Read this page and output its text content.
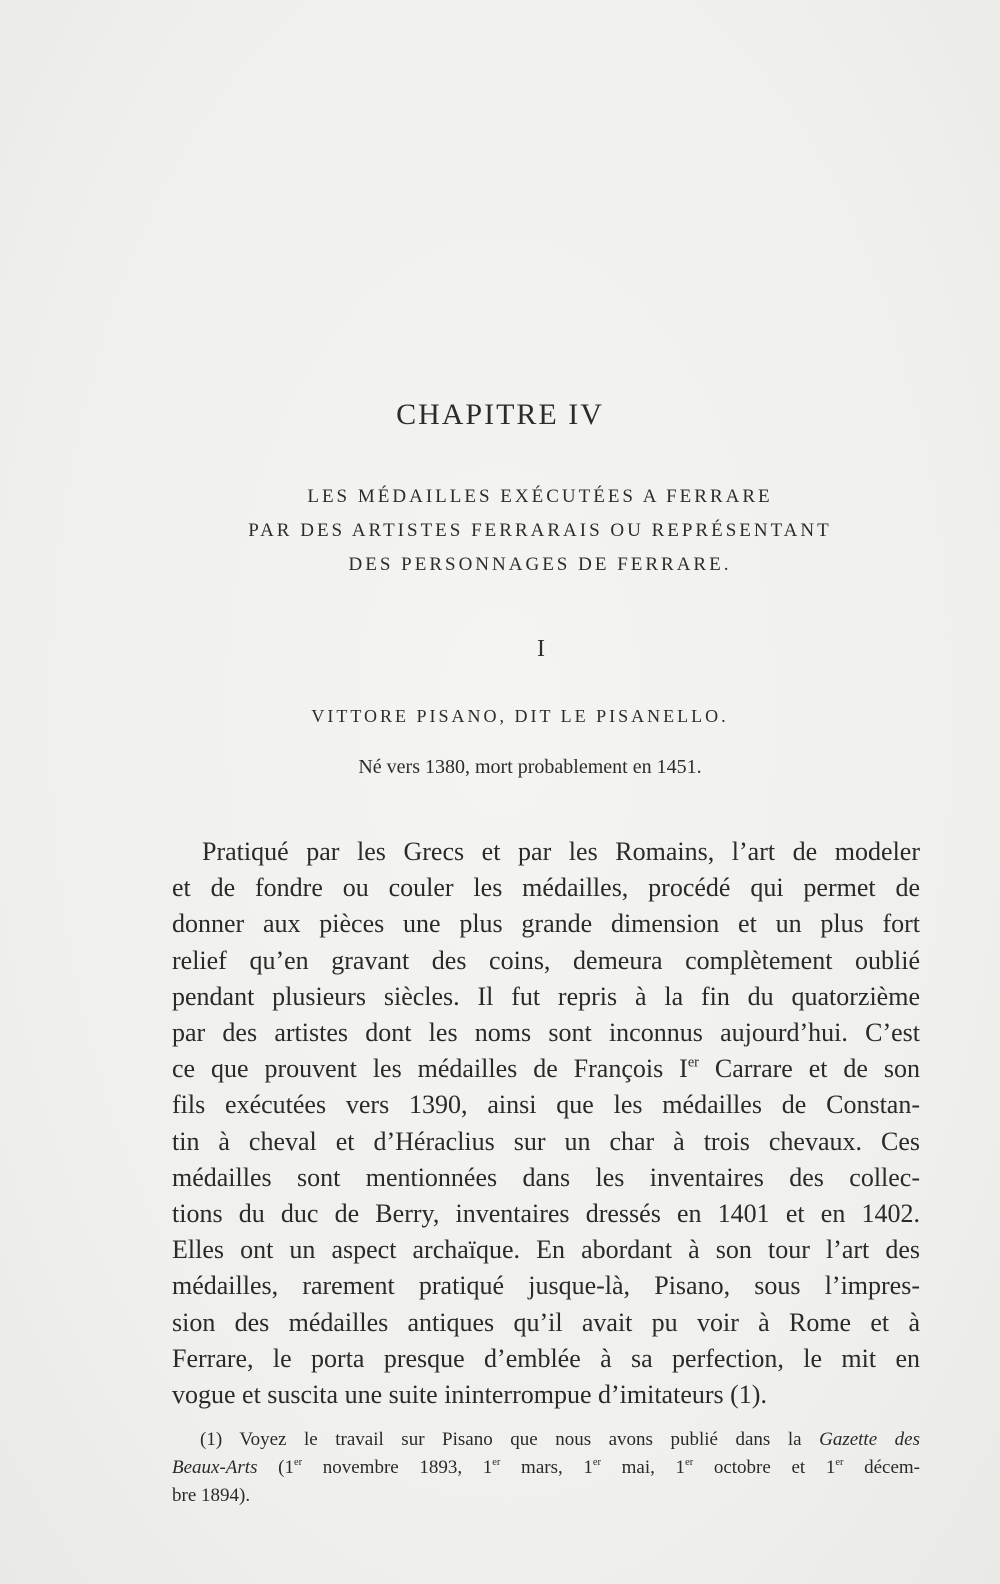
CHAPITRE IV
LES MÉDAILLES EXÉCUTÉES A FERRARE
PAR DES ARTISTES FERRARAIS OU REPRÉSENTANT
DES PERSONNAGES DE FERRARE.
I
VITTORE PISANO, DIT LE PISANELLO.
Né vers 1380, mort probablement en 1451.
Pratiqué par les Grecs et par les Romains, l’art de modeler
et de fondre ou couler les médailles, procédé qui permet de
donner aux pièces une plus grande dimension et un plus fort
relief qu’en gravant des coins, demeura complètement oublié
pendant plusieurs siècles. Il fut repris à la fin du quatorzième
par des artistes dont les noms sont inconnus aujourd’hui. C’est
ce que prouvent les médailles de François Ier Carrare et de son
fils exécutées vers 1390, ainsi que les médailles de Constan-
tin à cheval et d’Héraclius sur un char à trois chevaux. Ces
médailles sont mentionnées dans les inventaires des collec-
tions du duc de Berry, inventaires dressés en 1401 et en 1402.
Elles ont un aspect archaïque. En abordant à son tour l’art des
médailles, rarement pratiqué jusque-là, Pisano, sous l’impres-
sion des médailles antiques qu’il avait pu voir à Rome et à
Ferrare, le porta presque d’emblée à sa perfection, le mit en
vogue et suscita une suite ininterrompue d’imitateurs (1).
(1) Voyez le travail sur Pisano que nous avons publié dans la Gazette des
Beaux-Arts (1er novembre 1893, 1er mars, 1er mai, 1er octobre et 1er décem-
bre 1894).
